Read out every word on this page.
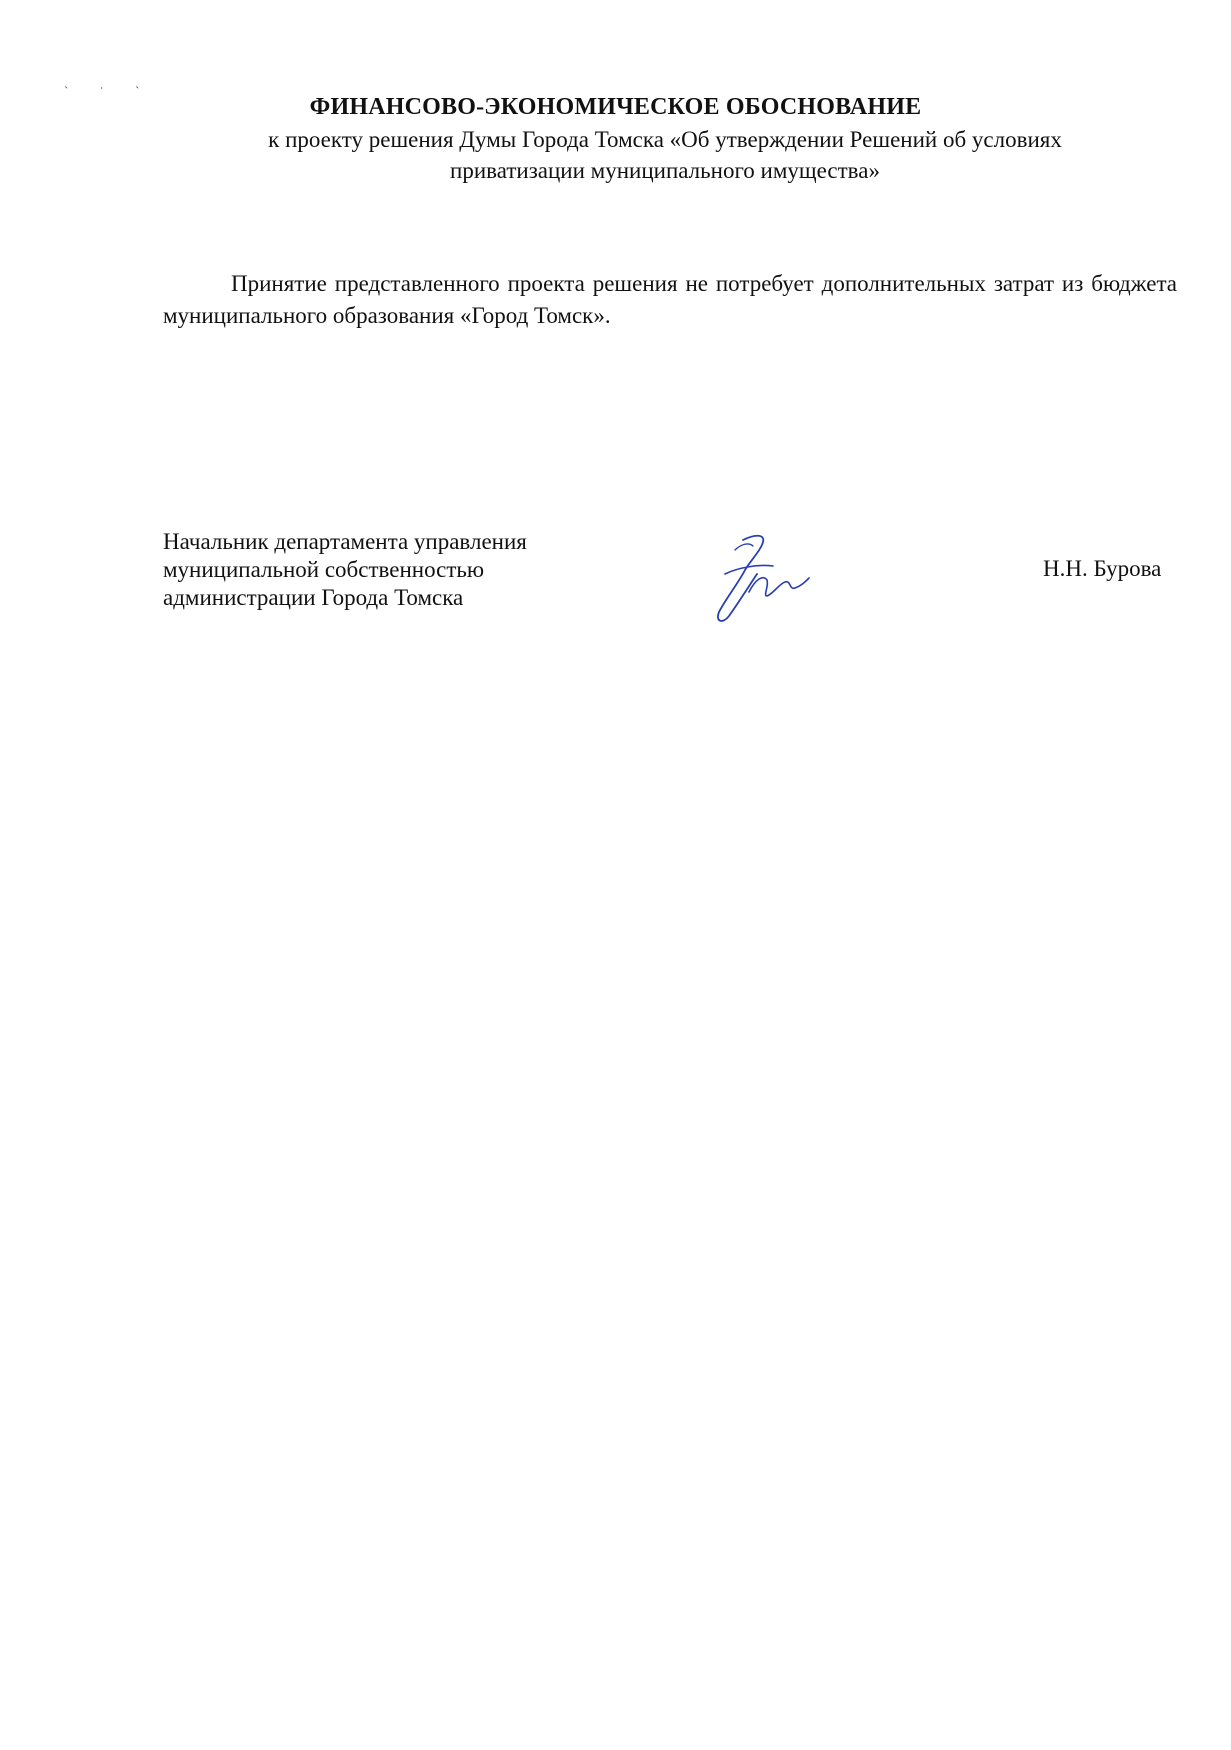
ˎ ˌ ˏ
ФИНАНСОВО-ЭКОНОМИЧЕСКОЕ ОБОСНОВАНИЕ
к проекту решения Думы Города Томска «Об утверждении Решений об условиях
приватизации муниципального имущества»
Принятие представленного проекта решения не потребует дополнительных затрат из бюджета муниципального образования «Город Томск».
Начальник департамента управления
муниципальной собственностью
администрации Города Томска
Н.Н. Бурова
